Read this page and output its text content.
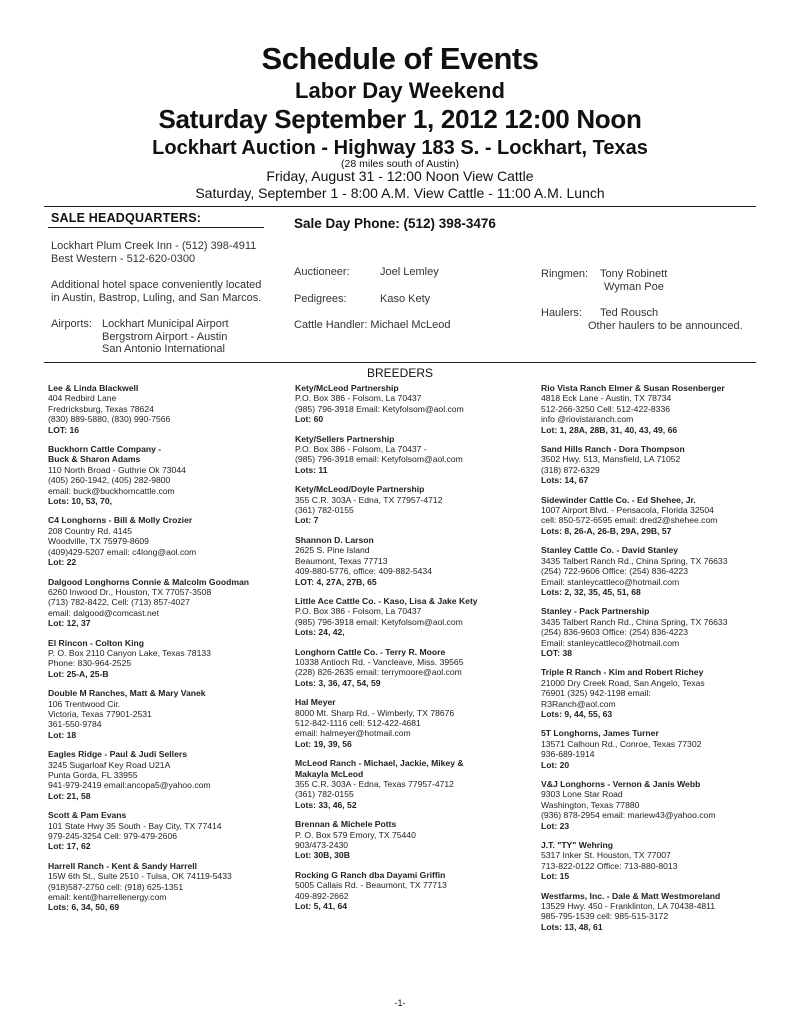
Schedule of Events
Labor Day Weekend
Saturday September 1, 2012 12:00 Noon
Lockhart Auction - Highway 183 S. - Lockhart, Texas
(28 miles south of Austin)
Friday, August 31 - 12:00 Noon View Cattle
Saturday, September 1 - 8:00 A.M. View Cattle - 11:00 A.M. Lunch
SALE HEADQUARTERS:
Lockhart Plum Creek Inn - (512) 398-4911
Best Western - 512-620-0300
Additional hotel space conveniently located
in Austin, Bastrop, Luling, and San Marcos.
Airports: Lockhart Municipal Airport
Bergstrom Airport - Austin
San Antonio International
Sale Day Phone: (512) 398-3476
Auctioneer:	Joel Lemley
Pedigrees:	Kaso Kety
Cattle Handler: Michael McLeod
Ringmen: Tony Robinett
Wyman Poe
Haulers: Ted Rousch
Other haulers to be announced.
BREEDERS
Lee & Linda Blackwell
404 Redbird Lane
Fredricksburg, Texas 78624
(830) 889-5880, (830) 990-7566
LOT: 16
Buckhorn Cattle Company -
Buck & Sharon Adams
110 North Broad - Guthrie Ok 73044
(405) 260-1942, (405) 282-9800
email: buck@buckhorncattle.com
Lots: 10, 53, 70,
C4 Longhorns - Bill & Molly Crozier
208 Country Rd. 4145
Woodville, TX 75979-8609
(409)429-5207 email: c4long@aol.com
Lot: 22
Dalgood Longhorns Connie & Malcolm Goodman
6260 Inwood Dr., Houston, TX 77057-3508
(713) 782-8422, Cell: (713) 857-4027
email: dalgood@comcast.net
Lot: 12, 37
El Rincon - Colton King
P. O. Box 2110 Canyon Lake, Texas 78133
Phone: 830-964-2525
Lot: 25-A, 25-B
Double M Ranches, Matt & Mary Vanek
106 Trentwood Cir.
Victoria, Texas 77901-2531
361-550-9784
Lot: 18
Eagles Ridge - Paul & Judi Sellers
3245 Sugarloaf Key Road U21A
Punta Gorda, FL 33955
941-979-2419 email:ancopa5@yahoo.com
Lot: 21, 58
Scott & Pam Evans
101 State Hwy 35 South - Bay City, TX 77414
979-245-3254 Cell: 979-479-2606
Lot: 17, 62
Harrell Ranch - Kent & Sandy Harrell
15W 6th St., Suite 2510 - Tulsa, OK 74119-5433
(918)587-2750 cell: (918) 625-1351
email: kent@harrellenergy.com
Lots: 6, 34, 50, 69
Kety/McLeod Partnership
P.O. Box 386 - Folsom, La 70437
(985) 796-3918 Email: Ketyfolsom@aol.com
Lot: 60
Kety/Sellers Partnership
P.O. Box 386 - Folsom, La 70437 -
(985) 796-3918 email: Ketyfolsom@aol.com
Lots: 11
Kety/McLeod/Doyle Partnership
355 C.R. 303A - Edna, TX 77957-4712
(361) 782-0155
Lot: 7
Shannon D. Larson
2625 S. Pine Island
Beaumont, Texas 77713
409-880-5776, office: 409-882-5434
LOT: 4, 27A, 27B, 65
Little Ace Cattle Co. - Kaso, Lisa & Jake Kety
P.O. Box 386 - Folsom, La 70437
(985) 796-3918 email: Ketyfolsom@aol.com
Lots: 24, 42,
Longhorn Cattle Co. - Terry R. Moore
10338 Antioch Rd. - Vancleave, Miss. 39565
(228) 826-2635 email: terrymoore@aol.com
Lots: 3, 36, 47, 54, 59
Hal Meyer
8000 Mt. Sharp Rd. - Wimberly, TX 78676
512-842-1116 cell: 512-422-4681
email: halmeyer@hotmail.com
Lot: 19, 39, 56
McLeod Ranch - Michael, Jackie, Mikey &
Makayla McLeod
355 C.R. 303A - Edna, Texas 77957-4712
(361) 782-0155
Lots: 33, 46, 52
Brennan & Michele Potts
P. O. Box 579 Emory, TX 75440
903/473-2430
Lot: 30B, 30B
Rocking G Ranch dba Dayami Griffin
5005 Callais Rd. - Beaumont, TX 77713
409-892-2662
Lot: 5, 41, 64
Rio Vista Ranch Elmer & Susan Rosenberger
4818 Eck Lane - Austin, TX 78734
512-266-3250 Cell: 512-422-8336
info @riovistaranch.com
Lot: 1, 28A, 28B, 31, 40, 43, 49, 66
Sand Hills Ranch - Dora Thompson
3502 Hwy. 513, Mansfield, LA 71052
(318) 872-6329
Lots: 14, 67
Sidewinder Cattle Co. - Ed Shehee, Jr.
1007 Airport Blvd. - Pensacola, Florida 32504
cell: 850-572-6595 email: dred2@shehee.com
Lots: 8, 26-A, 26-B, 29A, 29B, 57
Stanley Cattle Co. - David Stanley
3435 Talbert Ranch Rd., China Spring, TX 76633
(254) 722-9606 Office: (254) 836-4223
Email: stanleycattleco@hotmail.com
Lots: 2, 32, 35, 45, 51, 68
Stanley - Pack Partnership
3435 Talbert Ranch Rd., China Spring, TX 76633
(254) 836-9603 Office: (254) 836-4223
Email: stanleycattleco@hotmail.com
LOT: 38
Triple R Ranch - Kim and Robert Richey
21000 Dry Creek Road, San Angelo, Texas
76901 (325) 942-1198 email:
R3Ranch@aol.com
Lots: 9, 44, 55, 63
5T Longhorns, James Turner
13571 Calhoun Rd., Conroe, Texas 77302
936-689-1914
Lot: 20
V&J Longhorns - Vernon & Janis Webb
9303 Lone Star Road
Washington, Texas 77880
(936) 878-2954 email: mariew43@yahoo.com
Lot: 23
J.T. "TY" Wehring
5317 Inker St. Houston, TX 77007
713-822-0122 Office: 713-880-8013
Lot: 15
Westfarms, Inc. - Dale & Matt Westmoreland
13529 Hwy. 450 - Franklinton, LA 70438-4811
985-795-1539 cell: 985-515-3172
Lots: 13, 48, 61
-1-
